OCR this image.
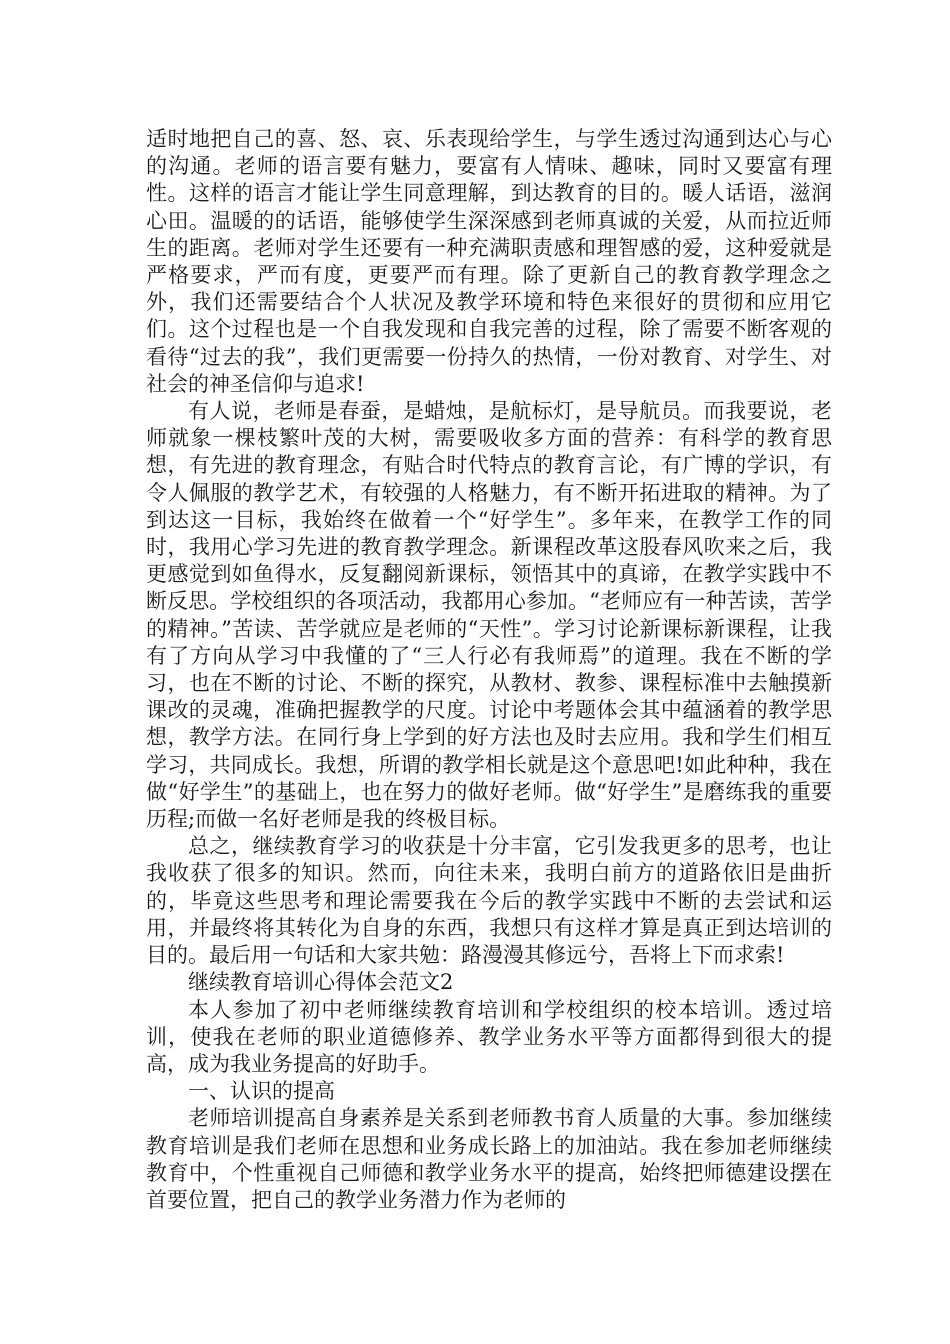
适时地把自己的喜、怒、哀、乐表现给学生，与学生透过沟通到达心与心的沟通。老师的语言要有魅力，要富有人情味、趣味，同时又要富有理性。这样的语言才能让学生同意理解，到达教育的目的。暖人话语，滋润心田。温暖的的话语，能够使学生深深感到老师真诚的关爱，从而拉近师生的距离。老师对学生还要有一种充满职责感和理智感的爱，这种爱就是严格要求，严而有度，更要严而有理。除了更新自己的教育教学理念之外，我们还需要结合个人状况及教学环境和特色来很好的贯彻和应用它们。这个过程也是一个自我发现和自我完善的过程，除了需要不断客观的看待“过去的我”，我们更需要一份持久的热情，一份对教育、对学生、对社会的神圣信仰与追求!

有人说，老师是春蚕，是蜡烛，是航标灯，是导航员。而我要说，老师就象一棵枝繁叶茂的大树，需要吸收多方面的营养：有科学的教育思想，有先进的教育理念，有贴合时代特点的教育言论，有广博的学识，有令人佩服的教学艺术，有较强的人格魅力，有不断开拓进取的精神。为了到达这一目标，我始终在做着一个“好学生”。多年来，在教学工作的同时，我用心学习先进的教育教学理念。新课程改革这股春风吹来之后，我更感觉到如鱼得水，反复翻阅新课标，领悟其中的真谛，在教学实践中不断反思。学校组织的各项活动，我都用心参加。“老师应有一种苦读，苦学的精神。”苦读、苦学就应是老师的“天性”。学习讨论新课标新课程，让我有了方向从学习中我懂的了“三人行必有我师焉”的道理。我在不断的学习，也在不断的讨论、不断的探究，从教材、教参、课程标准中去触摸新课改的灵魂，准确把握教学的尺度。讨论中考题体会其中蕴涵着的教学思想，教学方法。在同行身上学到的好方法也及时去应用。我和学生们相互学习，共同成长。我想，所谓的教学相长就是这个意思吧!如此种种，我在做“好学生”的基础上，也在努力的做好老师。做“好学生”是磨练我的重要历程;而做一名好老师是我的终极目标。

总之，继续教育学习的收获是十分丰富，它引发我更多的思考，也让我收获了很多的知识。然而，向往未来，我明白前方的道路依旧是曲折的，毕竟这些思考和理论需要我在今后的教学实践中不断的去尝试和运用，并最终将其转化为自身的东西，我想只有这样才算是真正到达培训的目的。最后用一句话和大家共勉：路漫漫其修远兮，吾将上下而求索!

继续教育培训心得体会范文2

本人参加了初中老师继续教育培训和学校组织的校本培训。透过培训，使我在老师的职业道德修养、教学业务水平等方面都得到很大的提高，成为我业务提高的好助手。

一、认识的提高

老师培训提高自身素养是关系到老师教书育人质量的大事。参加继续教育培训是我们老师在思想和业务成长路上的加油站。我在参加老师继续教育中，个性重视自己师德和教学业务水平的提高，始终把师德建设摆在首要位置，把自己的教学业务潜力作为老师的
